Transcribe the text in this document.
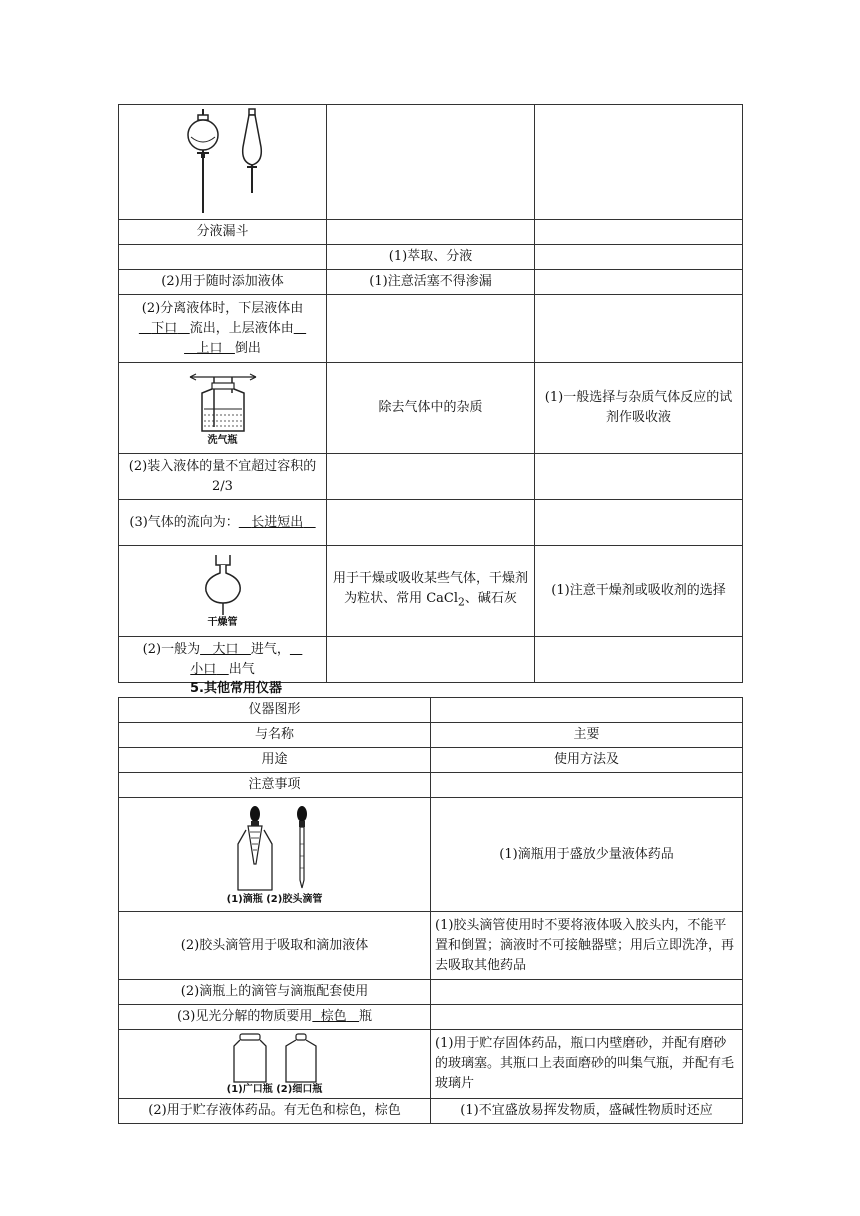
分液漏斗		
	(1)萃取、分液	
(2)用于随时添加液体	(1)注意活塞不得渗漏	
(2)分离液体时，下层液体由
下口 流出，上层液体由
上口 倒出		

洗气瓶	除去气体中的杂质	(1)一般选择与杂质气体反应的试剂作吸收液
(2)装入液体的量不宜超过容积的 2/3		
(3)气体的流向为： 长进短出		

干燥管	用于干燥或吸收某些气体，干燥剂为粒状、常用 CaCl$_2$、碱石灰	(1)注意干燥剂或吸收剂的选择
(2)一般为 大口 进气，
小口 出气		
5.其他常用仪器
仪器图形	
与名称	主要
用途	使用方法及
注意事项	

(1)滴瓶 (2)胶头滴管	(1)滴瓶用于盛放少量液体药品
(2)胶头滴管用于吸取和滴加液体	(1)胶头滴管使用时不要将液体吸入胶头内，不能平置和倒置；滴液时不可接触器壁；用后立即洗净，再去吸取其他药品
(2)滴瓶上的滴管与滴瓶配套使用	
(3)见光分解的物质要用 棕色 瓶	

(1)广口瓶 (2)细口瓶	(1)用于贮存固体药品，瓶口内壁磨砂，并配有磨砂的玻璃塞。其瓶口上表面磨砂的叫集气瓶，并配有毛玻璃片
(2)用于贮存液体药品。有无色和棕色，棕色	(1)不宜盛放易挥发物质，盛碱性物质时还应
